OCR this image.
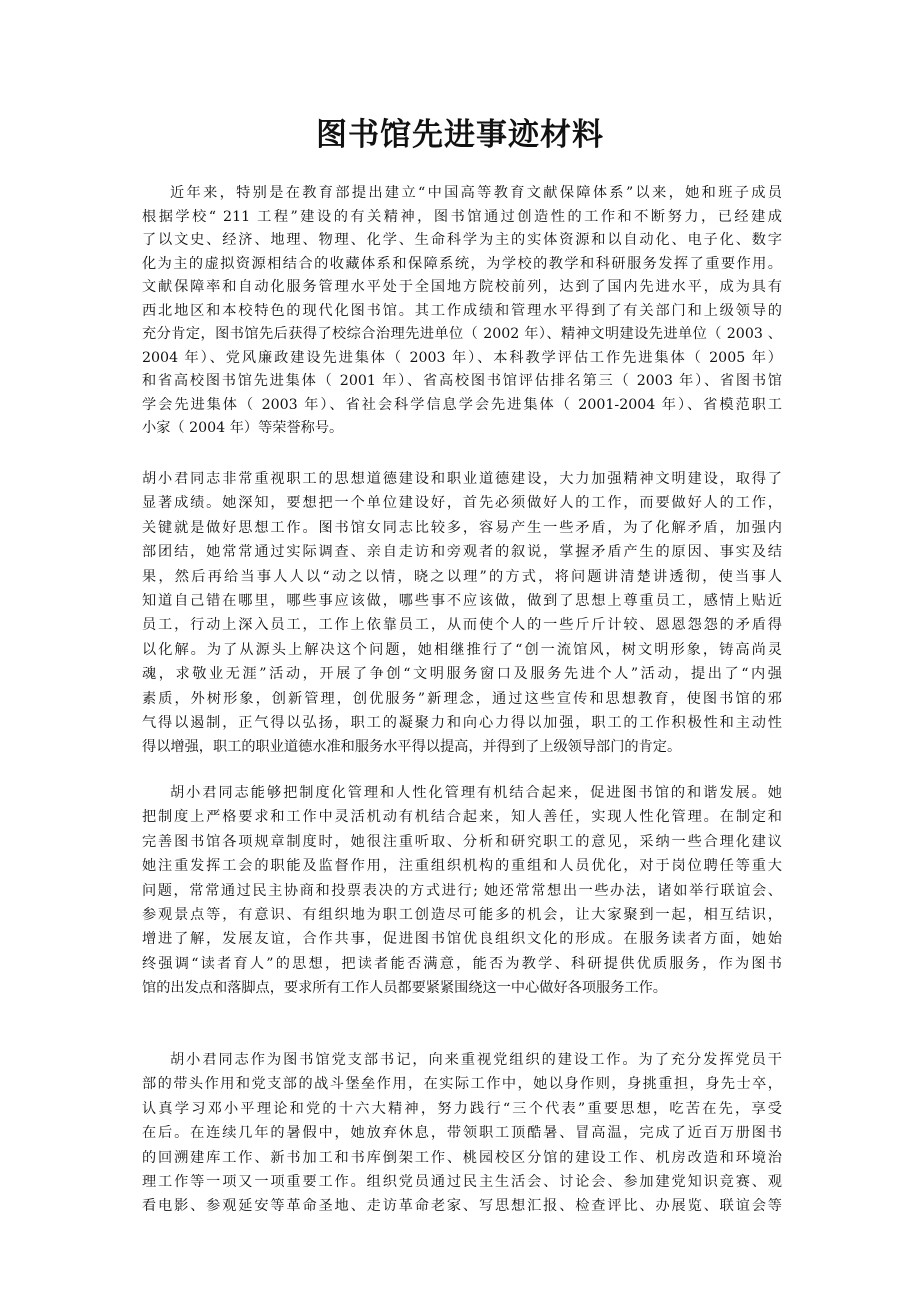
图书馆先进事迹材料
近年来，特别是在教育部提出建立“中国高等教育文献保障体系”以来，她和班子成员
根据学校“ 211 工程”建设的有关精神，图书馆通过创造性的工作和不断努力，已经建成
了以文史、经济、地理、物理、化学、生命科学为主的实体资源和以自动化、电子化、数字
化为主的虚拟资源相结合的收藏体系和保障系统，为学校的教学和科研服务发挥了重要作用。
文献保障率和自动化服务管理水平处于全国地方院校前列，达到了国内先进水平，成为具有
西北地区和本校特色的现代化图书馆。其工作成绩和管理水平得到了有关部门和上级领导的
充分肯定，图书馆先后获得了校综合治理先进单位（ 2002 年）、精神文明建设先进单位（ 2003 、
2004 年）、党风廉政建设先进集体（ 2003 年）、本科教学评估工作先进集体（ 2005 年）
和省高校图书馆先进集体（ 2001 年）、省高校图书馆评估排名第三（ 2003 年）、省图书馆
学会先进集体（ 2003 年）、省社会科学信息学会先进集体（ 2001-2004 年）、省模范职工
小家（ 2004 年）等荣誉称号。
胡小君同志非常重视职工的思想道德建设和职业道德建设，大力加强精神文明建设，取得了
显著成绩。她深知，要想把一个单位建设好，首先必须做好人的工作，而要做好人的工作，
关键就是做好思想工作。图书馆女同志比较多，容易产生一些矛盾，为了化解矛盾，加强内
部团结，她常常通过实际调查、亲自走访和旁观者的叙说，掌握矛盾产生的原因、事实及结
果，然后再给当事人人以“动之以情，晓之以理”的方式，将问题讲清楚讲透彻，使当事人
知道自己错在哪里，哪些事应该做，哪些事不应该做，做到了思想上尊重员工，感情上贴近
员工，行动上深入员工，工作上依靠员工，从而使个人的一些斤斤计较、恩恩怨怨的矛盾得
以化解。为了从源头上解决这个问题，她相继推行了“创一流馆风，树文明形象，铸高尚灵
魂，求敬业无涯”活动，开展了争创“文明服务窗口及服务先进个人”活动，提出了“内强
素质，外树形象，创新管理，创优服务”新理念，通过这些宣传和思想教育，使图书馆的邪
气得以遏制，正气得以弘扬，职工的凝聚力和向心力得以加强，职工的工作积极性和主动性
得以增强，职工的职业道德水准和服务水平得以提高，并得到了上级领导部门的肯定。
胡小君同志能够把制度化管理和人性化管理有机结合起来，促进图书馆的和谐发展。她
把制度上严格要求和工作中灵活机动有机结合起来，知人善任，实现人性化管理。在制定和
完善图书馆各项规章制度时，她很注重听取、分析和研究职工的意见，采纳一些合理化建议
她注重发挥工会的职能及监督作用，注重组织机构的重组和人员优化，对于岗位聘任等重大
问题，常常通过民主协商和投票表决的方式进行; 她还常常想出一些办法，诸如举行联谊会、
参观景点等，有意识、有组织地为职工创造尽可能多的机会，让大家聚到一起，相互结识，
增进了解，发展友谊，合作共事，促进图书馆优良组织文化的形成。在服务读者方面，她始
终强调“读者育人”的思想，把读者能否满意，能否为教学、科研提供优质服务，作为图书
馆的出发点和落脚点，要求所有工作人员都要紧紧围绕这一中心做好各项服务工作。
胡小君同志作为图书馆党支部书记，向来重视党组织的建设工作。为了充分发挥党员干
部的带头作用和党支部的战斗堡垒作用，在实际工作中，她以身作则，身挑重担，身先士卒，
认真学习邓小平理论和党的十六大精神，努力践行“三个代表”重要思想，吃苦在先，享受
在后。在连续几年的暑假中，她放弃休息，带领职工顶酷暑、冒高温，完成了近百万册图书
的回溯建库工作、新书加工和书库倒架工作、桃园校区分馆的建设工作、机房改造和环境治
理工作等一项又一项重要工作。组织党员通过民主生活会、讨论会、参加建党知识竞赛、观
看电影、参观延安等革命圣地、走访革命老家、写思想汇报、检查评比、办展览、联谊会等
